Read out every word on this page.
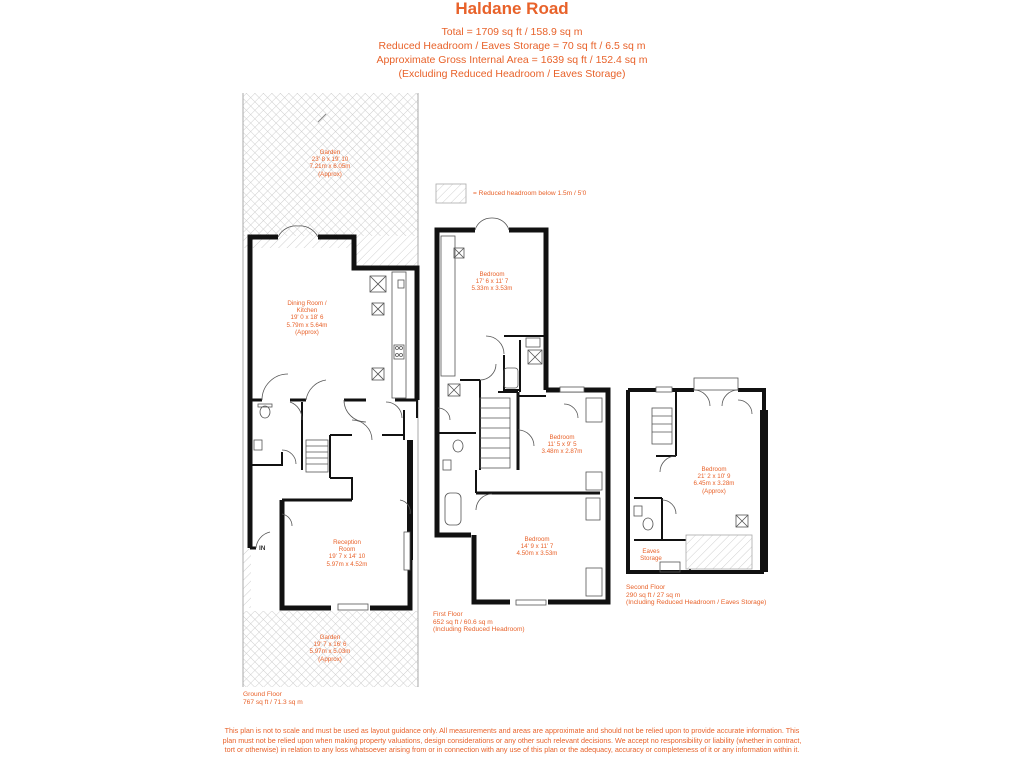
Haldane Road
Total = 1709 sq ft / 158.9 sq m
Reduced Headroom / Eaves Storage = 70 sq ft / 6.5 sq m
Approximate Gross Internal Area = 1639 sq ft / 152.4 sq m
(Excluding Reduced Headroom / Eaves Storage)
Garden
23' 8 x 19' 10
7.21m x 6.05m
(Approx)
Dining Room /
Kitchen
19' 0 x 18' 6
5.79m x 5.64m
(Approx)
Reception
Room
19' 7 x 14' 10
5.97m x 4.52m
Garden
19' 7 x 16' 6
5.97m x 5.03m
(Approx)
IN
Ground Floor
767 sq ft / 71.3 sq m
Bedroom
17' 6 x 11' 7
5.33m x 3.53m
Bedroom
11' 5 x 9' 5
3.48m x 2.87m
Bedroom
14' 9 x 11' 7
4.50m x 3.53m
First Floor
652 sq ft / 60.6 sq m
(Including Reduced Headroom)
Bedroom
21' 2 x 10' 9
6.45m x 3.28m
(Approx)
Eaves
Storage
Second Floor
290 sq ft / 27 sq m
(Including Reduced Headroom / Eaves Storage)
= Reduced headroom below 1.5m / 5'0
This plan is not to scale and must be used as layout guidance only. All measurements and areas are approximate and should not be relied upon to provide accurate information. This plan must not be relied upon when making property valuations, design considerations or any other such relevant decisions. We accept no responsibility or liability (whether in contract, tort or otherwise) in relation to any loss whatsoever arising from or in connection with any use of this plan or the adequacy, accuracy or completeness of it or any information within it.
